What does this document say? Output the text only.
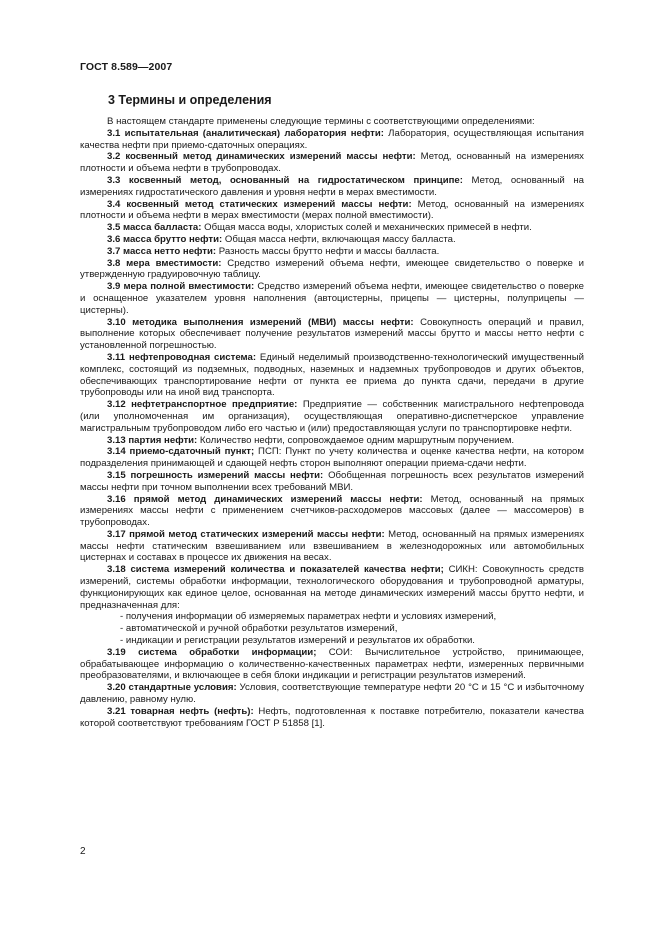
ГОСТ 8.589—2007
3 Термины и определения

В настоящем стандарте применены следующие термины с соответствующими определениями:

3.1 испытательная (аналитическая) лаборатория нефти: Лаборатория, осуществляющая испытания качества нефти при приемо-сдаточных операциях.

3.2 косвенный метод динамических измерений массы нефти: Метод, основанный на измерениях плотности и объема нефти в трубопроводах.

3.3 косвенный метод, основанный на гидростатическом принципе: Метод, основанный на измерениях гидростатического давления и уровня нефти в мерах вместимости.

3.4 косвенный метод статических измерений массы нефти: Метод, основанный на измерениях плотности и объема нефти в мерах вместимости (мерах полной вместимости).

3.5 масса балласта: Общая масса воды, хлористых солей и механических примесей в нефти.

3.6 масса брутто нефти: Общая масса нефти, включающая массу балласта.

3.7 масса нетто нефти: Разность массы брутто нефти и массы балласта.

3.8 мера вместимости: Средство измерений объема нефти, имеющее свидетельство о поверке и утвержденную градуировочную таблицу.

3.9 мера полной вместимости: Средство измерений объема нефти, имеющее свидетельство о поверке и оснащенное указателем уровня наполнения (автоцистерны, прицепы — цистерны, полуприцепы — цистерны).

3.10 методика выполнения измерений (МВИ) массы нефти: Совокупность операций и правил, выполнение которых обеспечивает получение результатов измерений массы брутто и массы нетто нефти с установленной погрешностью.

3.11 нефтепроводная система: Единый неделимый производственно-технологический имущественный комплекс, состоящий из подземных, подводных, наземных и надземных трубопроводов и других объектов, обеспечивающих транспортирование нефти от пункта ее приема до пункта сдачи, передачи в другие трубопроводы или на иной вид транспорта.

3.12 нефтетранспортное предприятие: Предприятие — собственник магистрального нефтепровода (или уполномоченная им организация), осуществляющая оперативно-диспетчерское управление магистральным трубопроводом либо его частью и (или) предоставляющая услуги по транспортировке нефти.

3.13 партия нефти: Количество нефти, сопровождаемое одним маршрутным поручением.

3.14 приемо-сдаточный пункт; ПСП: Пункт по учету количества и оценке качества нефти, на котором подразделения принимающей и сдающей нефть сторон выполняют операции приема-сдачи нефти.

3.15 погрешность измерений массы нефти: Обобщенная погрешность всех результатов измерений массы нефти при точном выполнении всех требований МВИ.

3.16 прямой метод динамических измерений массы нефти: Метод, основанный на прямых измерениях массы нефти с применением счетчиков-расходомеров массовых (далее — массомеров) в трубопроводах.

3.17 прямой метод статических измерений массы нефти: Метод, основанный на прямых измерениях массы нефти статическим взвешиванием или взвешиванием в железнодорожных или автомобильных цистернах и составах в процессе их движения на весах.

3.18 система измерений количества и показателей качества нефти; СИКН: Совокупность средств измерений, системы обработки информации, технологического оборудования и трубопроводной арматуры, функционирующих как единое целое, основанная на методе динамических измерений массы брутто нефти, и предназначенная для:

- получения информации об измеряемых параметрах нефти и условиях измерений,

- автоматической и ручной обработки результатов измерений,

- индикации и регистрации результатов измерений и результатов их обработки.

3.19 система обработки информации; СОИ: Вычислительное устройство, принимающее, обрабатывающее информацию о количественно-качественных параметрах нефти, измеренных первичными преобразователями, и включающее в себя блоки индикации и регистрации результатов измерений.

3.20 стандартные условия: Условия, соответствующие температуре нефти 20 °С и 15 °С и избыточному давлению, равному нулю.

3.21 товарная нефть (нефть): Нефть, подготовленная к поставке потребителю, показатели качества которой соответствуют требованиям ГОСТ Р 51858 [1].

2
